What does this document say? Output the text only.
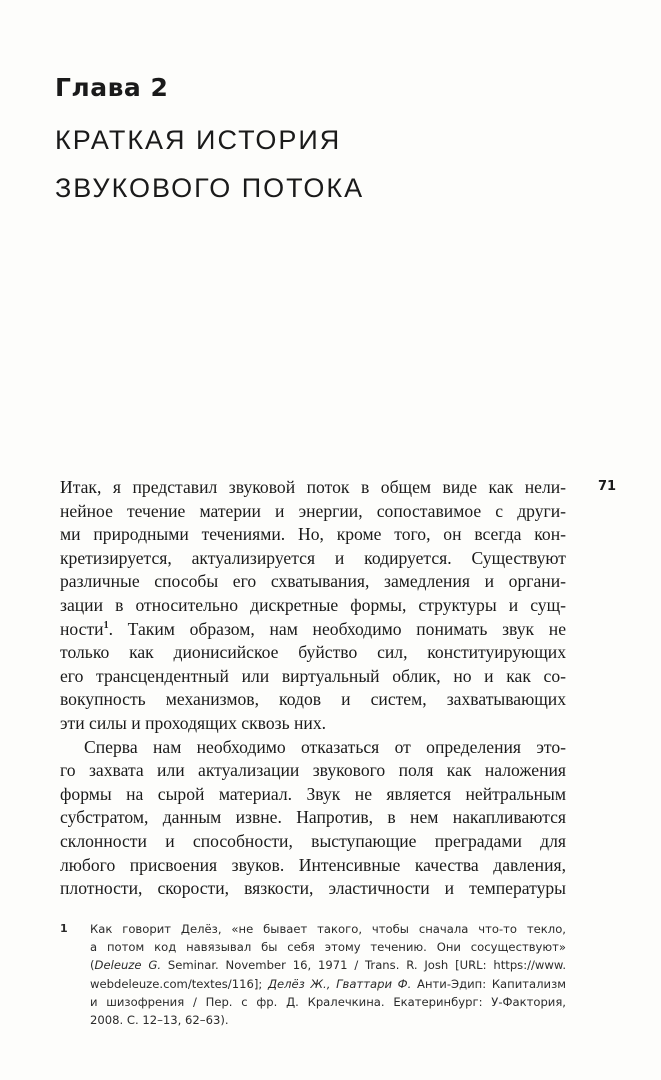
Глава 2
КРАТКАЯ ИСТОРИЯ
ЗВУКОВОГО ПОТОКА
71
Итак, я представил звуковой поток в общем виде как нели-
нейное течение материи и энергии, сопоставимое с други-
ми природными течениями. Но, кроме того, он всегда кон-
кретизируется, актуализируется и кодируется. Существуют
различные способы его схватывания, замедления и органи-
зации в относительно дискретные формы, структуры и сущ-
ности$^1$. Таким образом, нам необходимо понимать звук не
только как дионисийское буйство сил, конституирующих
его трансцендентный или виртуальный облик, но и как со-
вокупность механизмов, кодов и систем, захватывающих
эти силы и проходящих сквозь них.
Сперва нам необходимо отказаться от определения это-
го захвата или актуализации звукового поля как наложения
формы на сырой материал. Звук не является нейтральным
субстратом, данным извне. Напротив, в нем накапливаются
склонности и способности, выступающие преградами для
любого присвоения звуков. Интенсивные качества давления,
плотности, скорости, вязкости, эластичности и температуры
1 Как говорит Делёз, «не бывает такого, чтобы сначала что-то текло,
а потом код навязывал бы себя этому течению. Они сосуществуют»
(Deleuze G. Seminar. November 16, 1971 / Trans. R. Josh [URL: https://www.
webdeleuze.com/textes/116]; Делёз Ж., Гваттари Ф. Анти-Эдип: Капитализм
и шизофрения / Пер. с фр. Д. Кралечкина. Екатеринбург: У-Фактория,
2008. С. 12–13, 62–63).
